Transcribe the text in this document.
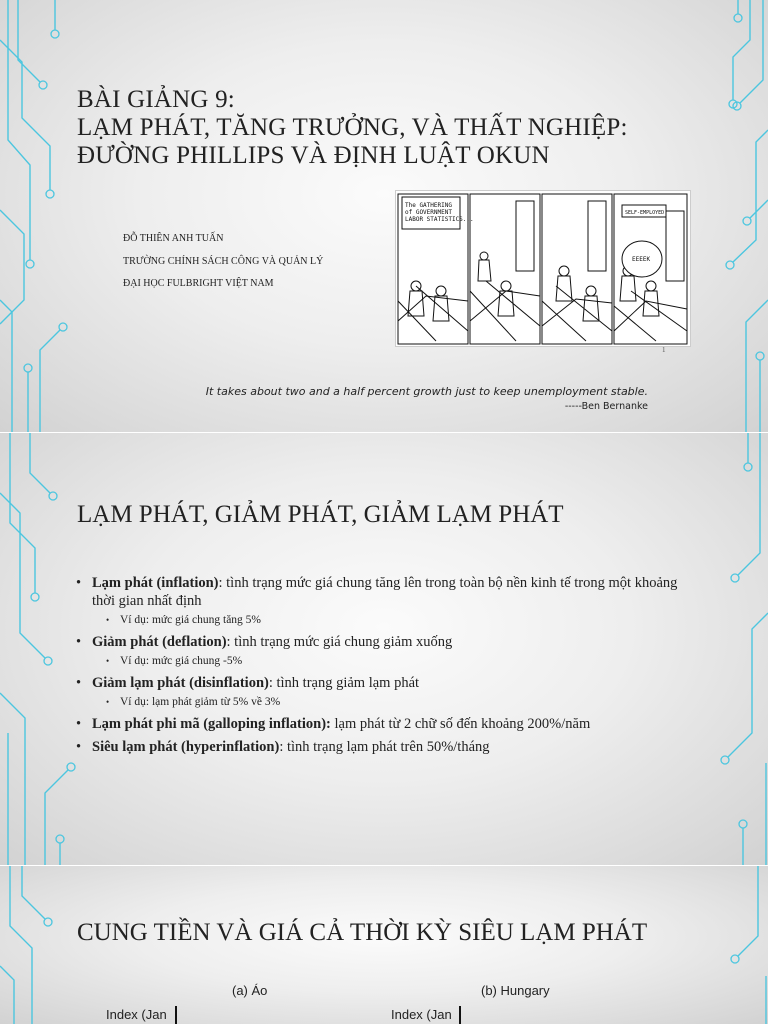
BÀI GIẢNG 9:
LẠM PHÁT, TĂNG TRƯỞNG, VÀ THẤT NGHIỆP:
ĐƯỜNG PHILLIPS VÀ ĐỊNH LUẬT OKUN
ĐỖ THIÊN ANH TUẤN
TRƯỜNG CHÍNH SÁCH CÔNG VÀ QUẢN LÝ
ĐẠI HỌC FULBRIGHT VIỆT NAM
The GATHERING of GOVERNMENT LABOR STATISTICS...
SELF-EMPLOYED
EEEEK
1
It takes about two and a half percent growth just to keep unemployment stable.
-----Ben Bernanke
LẠM PHÁT, GIẢM PHÁT, GIẢM LẠM PHÁT
• Lạm phát (inflation): tình trạng mức giá chung tăng lên trong toàn bộ nền kinh tế trong một khoảng thời gian nhất định
• Ví dụ: mức giá chung tăng 5%
• Giảm phát (deflation): tình trạng mức giá chung giảm xuống
• Ví dụ: mức giá chung -5%
• Giảm lạm phát (disinflation): tình trạng giảm lạm phát
• Ví dụ: lạm phát giảm từ 5% về 3%
• Lạm phát phi mã (galloping inflation): lạm phát từ 2 chữ số đến khoảng 200%/năm
• Siêu lạm phát (hyperinflation): tình trạng lạm phát trên 50%/tháng
CUNG TIỀN VÀ GIÁ CẢ THỜI KỲ SIÊU LẠM PHÁT
(a) Áo	(b) Hungary
Index (Jan	Index (Jan
